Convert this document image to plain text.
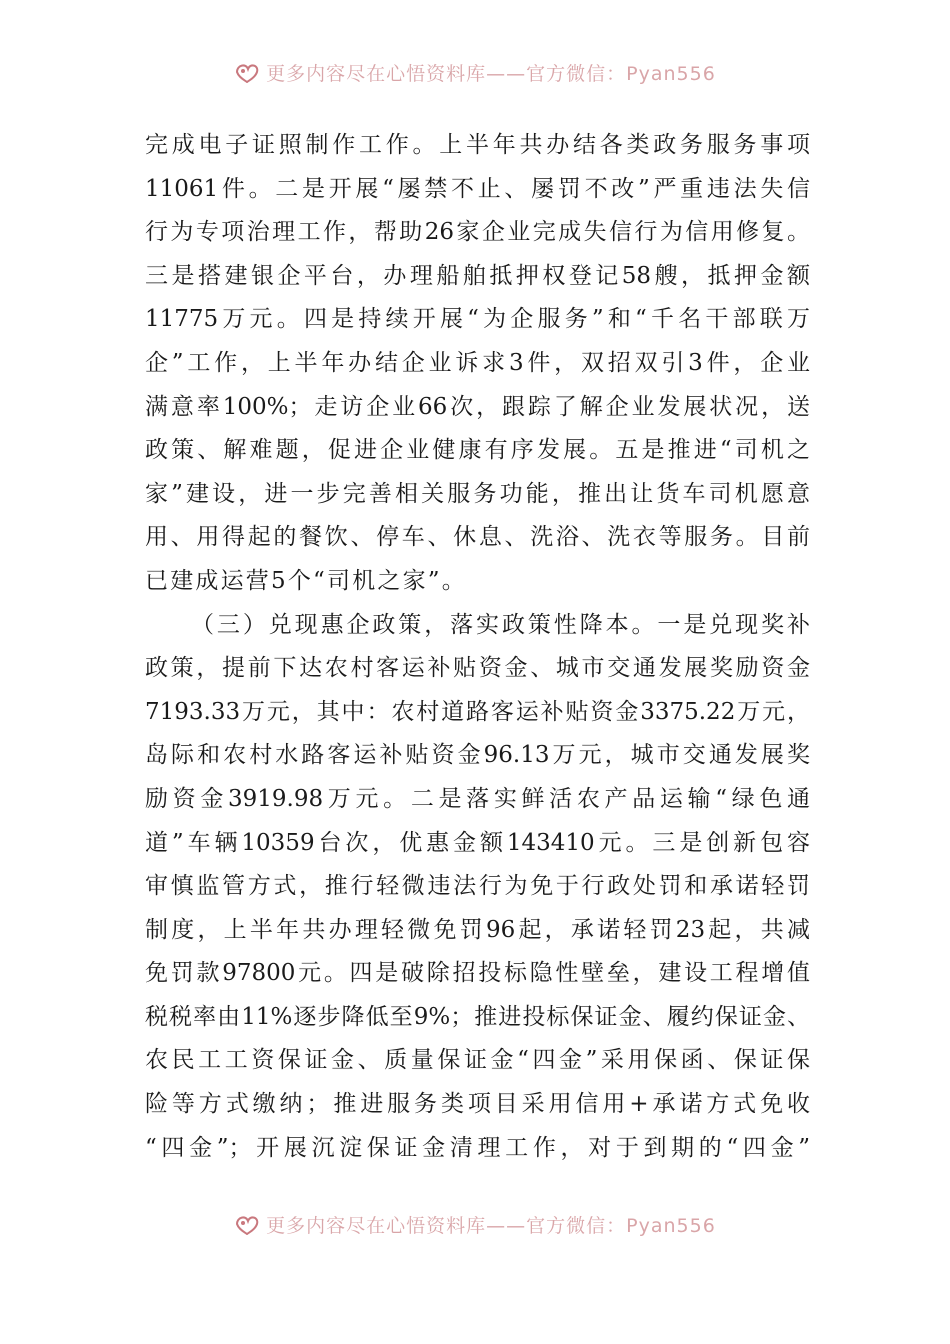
更多内容尽在心悟资料库——官方微信：Pyan556
完成电子证照制作工作。上半年共办结各类政务服务事项
11061件。二是开展“屡禁不止、屡罚不改”严重违法失信
行为专项治理工作，帮助26家企业完成失信行为信用修复。
三是搭建银企平台，办理船舶抵押权登记58艘，抵押金额
11775万元。四是持续开展“为企服务”和“千名干部联万
企”工作，上半年办结企业诉求3件，双招双引3件，企业
满意率100%；走访企业66次，跟踪了解企业发展状况，送
政策、解难题，促进企业健康有序发展。五是推进“司机之
家”建设，进一步完善相关服务功能，推出让货车司机愿意
用、用得起的餐饮、停车、休息、洗浴、洗衣等服务。目前
已建成运营5个“司机之家”。
（三）兑现惠企政策，落实政策性降本。一是兑现奖补
政策，提前下达农村客运补贴资金、城市交通发展奖励资金
7193.33万元，其中：农村道路客运补贴资金3375.22万元，
岛际和农村水路客运补贴资金96.13万元，城市交通发展奖
励资金3919.98万元。二是落实鲜活农产品运输“绿色通
道”车辆10359台次，优惠金额143410元。三是创新包容
审慎监管方式，推行轻微违法行为免于行政处罚和承诺轻罚
制度，上半年共办理轻微免罚96起，承诺轻罚23起，共减
免罚款97800元。四是破除招投标隐性壁垒，建设工程增值
税税率由11%逐步降低至9%；推进投标保证金、履约保证金、
农民工工资保证金、质量保证金“四金”采用保函、保证保
险等方式缴纳；推进服务类项目采用信用+承诺方式免收
“四金”；开展沉淀保证金清理工作，对于到期的“四金”
更多内容尽在心悟资料库——官方微信：Pyan556
